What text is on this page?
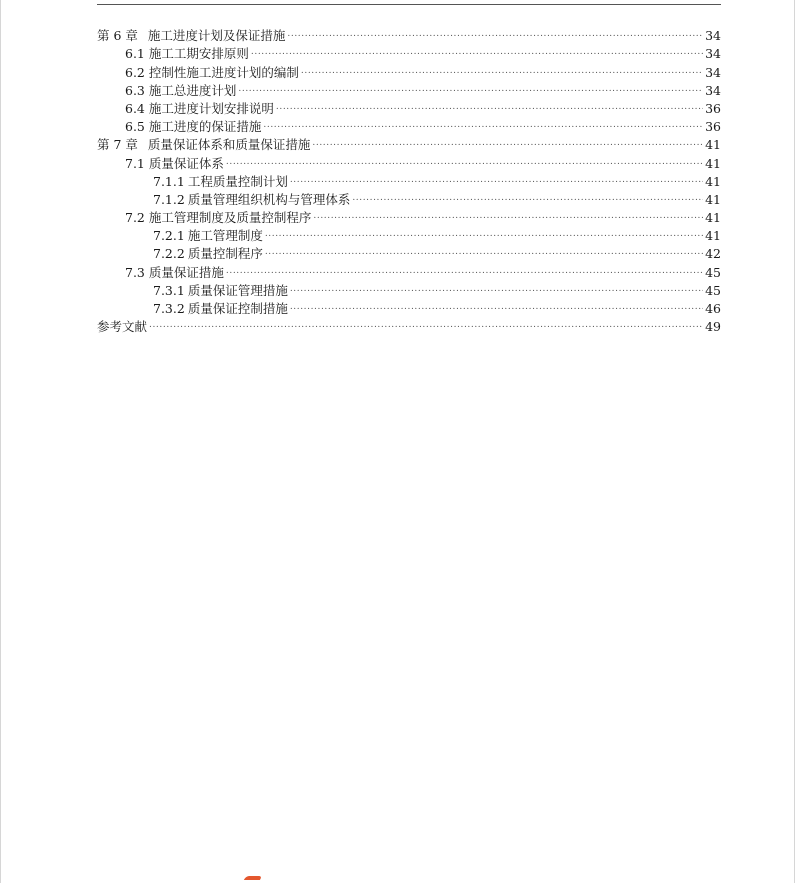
第 6 章 施工进度计划及保证措施 .....	34
6.1 施工工期安排原则 .....	34
6.2 控制性施工进度计划的编制 .....	34
6.3 施工总进度计划 .....	34
6.4 施工进度计划安排说明 .....	36
6.5 施工进度的保证措施 .....	36
第 7 章 质量保证体系和质量保证措施 .....	41
7.1 质量保证体系 .....	41
7.1.1 工程质量控制计划 .....	41
7.1.2 质量管理组织机构与管理体系 .....	41
7.2 施工管理制度及质量控制程序 .....	41
7.2.1 施工管理制度 .....	41
7.2.2 质量控制程序 .....	42
7.3 质量保证措施 .....	45
7.3.1 质量保证管理措施 .....	45
7.3.2 质量保证控制措施 .....	46
参考文献 .....	49
